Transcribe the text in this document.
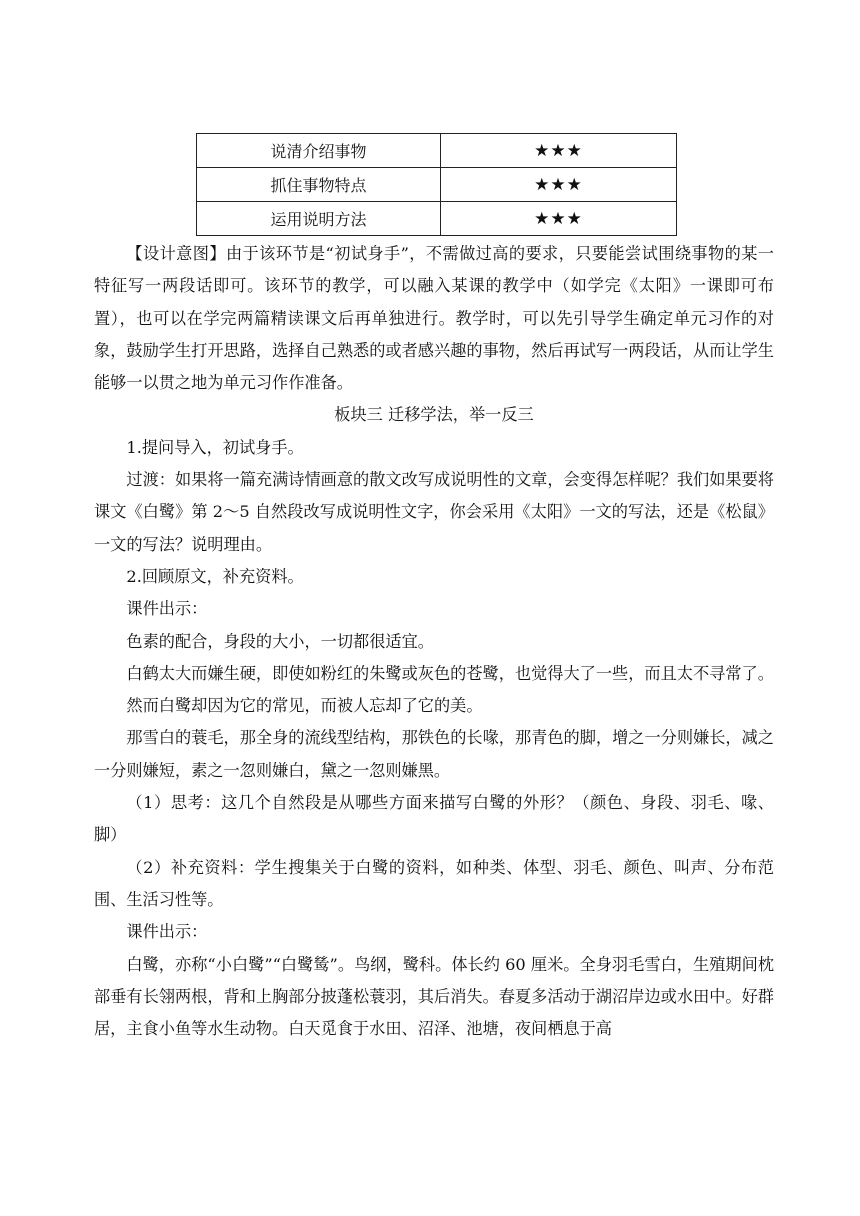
说清介绍事物	★★★
抓住事物特点	★★★
运用说明方法	★★★

【设计意图】由于该环节是“初试身手”，不需做过高的要求，只要能尝试围绕事物的某一特征写一两段话即可。该环节的教学，可以融入某课的教学中（如学完《太阳》一课即可布置），也可以在学完两篇精读课文后再单独进行。教学时，可以先引导学生确定单元习作的对象，鼓励学生打开思路，选择自己熟悉的或者感兴趣的事物，然后再试写一两段话，从而让学生能够一以贯之地为单元习作作准备。

板块三 迁移学法，举一反三

1.提问导入，初试身手。

过渡：如果将一篇充满诗情画意的散文改写成说明性的文章，会变得怎样呢？我们如果要将课文《白鹭》第 2～5 自然段改写成说明性文字，你会采用《太阳》一文的写法，还是《松鼠》一文的写法？说明理由。

2.回顾原文，补充资料。

课件出示：

色素的配合，身段的大小，一切都很适宜。

白鹤太大而嫌生硬，即使如粉红的朱鹭或灰色的苍鹭，也觉得大了一些，而且太不寻常了。

然而白鹭却因为它的常见，而被人忘却了它的美。

那雪白的蓑毛，那全身的流线型结构，那铁色的长喙，那青色的脚，增之一分则嫌长，减之一分则嫌短，素之一忽则嫌白，黛之一忽则嫌黑。

（1）思考：这几个自然段是从哪些方面来描写白鹭的外形？（颜色、身段、羽毛、喙、脚）

（2）补充资料：学生搜集关于白鹭的资料，如种类、体型、羽毛、颜色、叫声、分布范围、生活习性等。

课件出示：

白鹭，亦称“小白鹭”“白鹭鸶”。鸟纲，鹭科。体长约 60 厘米。全身羽毛雪白，生殖期间枕部垂有长翎两根，背和上胸部分披蓬松蓑羽，其后消失。春夏多活动于湖沼岸边或水田中。好群居，主食小鱼等水生动物。白天觅食于水田、沼泽、池塘，夜间栖息于高
